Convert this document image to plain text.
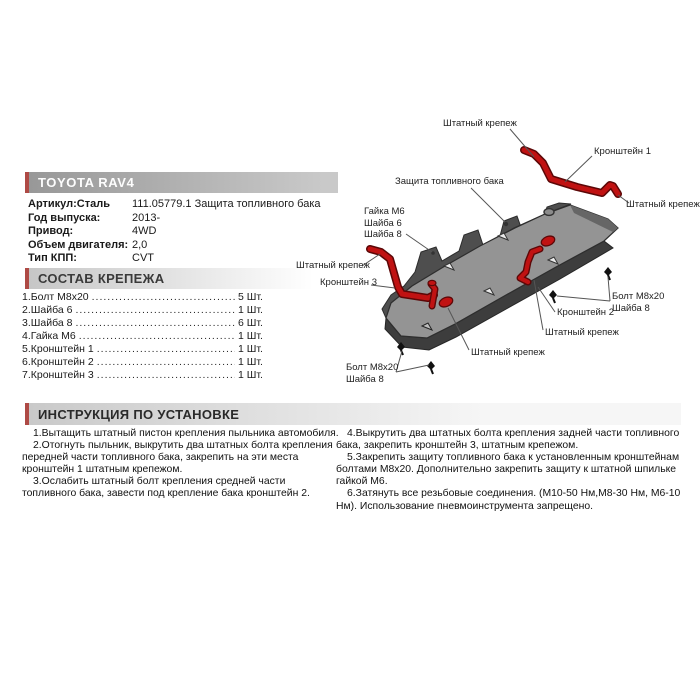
TOYOTA RAV4
Артикул:Сталь	111.05779.1 Защита топливного бака
Год выпуска:	2013-
Привод:	4WD
Объем двигателя: 2,0
Тип КПП:	CVT
СОСТАВ КРЕПЕЖА
1.Болт М8х20 .....	5 Шт.
2.Шайба 6 .....	1 Шт.
3.Шайба 8 .....	6 Шт.
4.Гайка М6 .....	1 Шт.
5.Кронштейн 1 .....	1 Шт.
6.Кронштейн 2 .....	1 Шт.
7.Кронштейн 3 .....	1 Шт.
Штатный крепеж
Кронштейн 1
Штатный крепеж
Защита топливного бака
Гайка М6
Шайба 6
Шайба 8
Штатный крепеж
Кронштейн 3
Штатный крепеж
Штатный крепеж
Кронштейн 2
Болт М8х20
Шайба 8
Болт М8х20
Шайба 8
ИНСТРУКЦИЯ ПО УСТАНОВКЕ

1.Вытащить штатный пистон крепления пыльника автомобиля.

2.Отогнуть пыльник, выкрутить два штатных болта крепления передней части топливного бака, закрепить на эти места кронштейн 1 штатным крепежом.

3.Ослабить штатный болт крепления средней части топливного бака, завести под крепление бака кронштейн 2.

4.Выкрутить два штатных болта крепления задней части топливного бака, закрепить кронштейн 3, штатным крепежом.

5.Закрепить защиту топливного бака к установленным кронштейнам болтами М8х20. Дополнительно закрепить защиту к штатной шпильке гайкой М6.

6.Затянуть все резьбовые соединения. (М10-50 Нм,М8-30 Нм, М6-10 Нм). Использование пневмоинструмента запрещено.
